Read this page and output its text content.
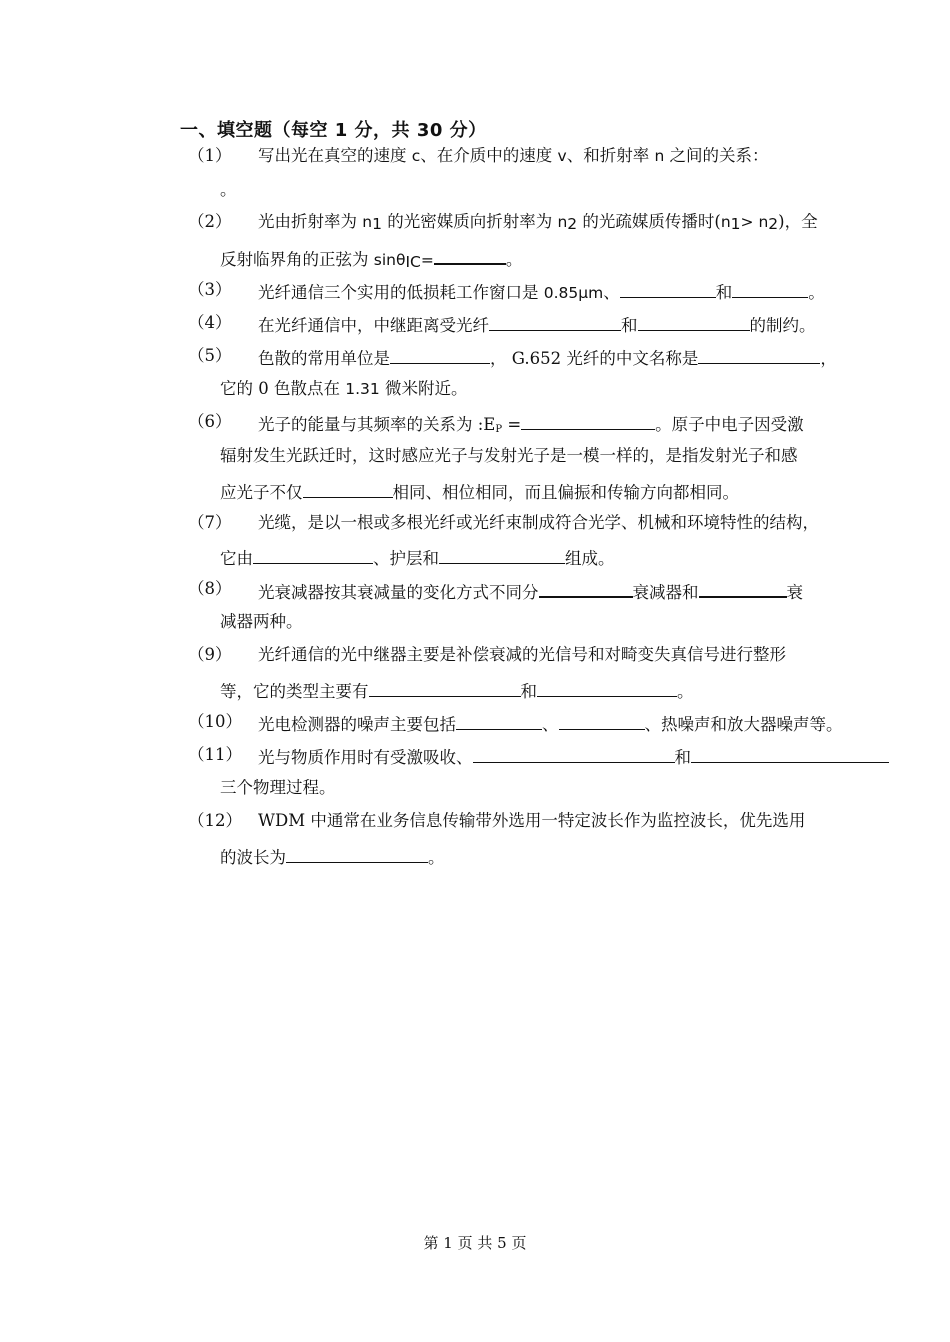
一、填空题（每空 1 分，共 30 分）
（1） 写出光在真空的速度 c、在介质中的速度 v、和折射率 n 之间的关系：
。
（2） 光由折射率为 $n_1$ 的光密媒质向折射率为 $n_2$ 的光疏媒质传播时$(n_1> n_2)$，全
反射临界角的正弦为 sinθ$_{IC}$=	。
（3） 光纤通信三个实用的低损耗工作窗口是 0.85μm、	和	。
（4） 在光纤通信中，中继距离受光纤	和	的制约。
（5） 色散的常用单位是	， G.652 光纤的中文名称是	，
它的 0 色散点在 1.31 微米附近。
（6） 光子的能量与其频率的关系为 $:E_P$ =	。原子中电子因受激
辐射发生光跃迁时，这时感应光子与发射光子是一模一样的，是指发射光子和感
应光子不仅	相同、相位相同，而且偏振和传输方向都相同。
（7） 光缆，是以一根或多根光纤或光纤束制成符合光学、机械和环境特性的结构，
它由	、护层和	组成。
（8） 光衰减器按其衰减量的变化方式不同分	衰减器和	衰
减器两种。
（9） 光纤通信的光中继器主要是补偿衰减的光信号和对畸变失真信号进行整形
等，它的类型主要有	和	。
（10） 光电检测器的噪声主要包括	、	、热噪声和放大器噪声等。
（11） 光与物质作用时有受激吸收、	和
三个物理过程。
（12） WDM 中通常在业务信息传输带外选用一特定波长作为监控波长，优先选用
的波长为	。
第 1 页 共 5 页
